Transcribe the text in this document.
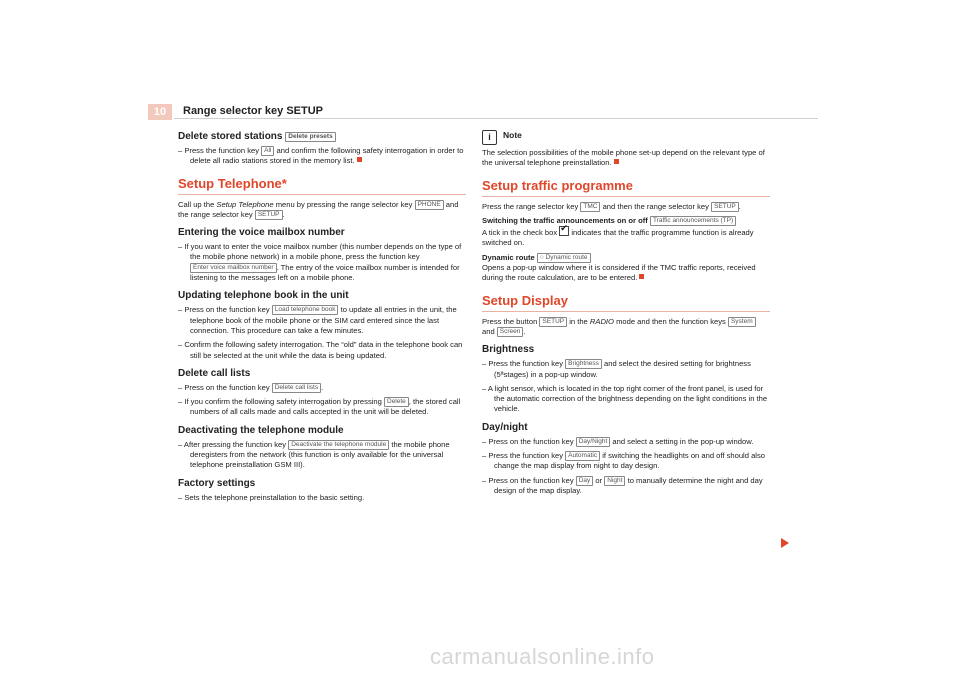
10	Range selector key SETUP
Delete stored stations Delete presets
– Press the function key All and confirm the following safety interrogation in order to delete all radio stations stored in the memory list.
Setup Telephone*
Call up the Setup Telephone menu by pressing the range selector key PHONE and the range selector key SETUP .
Entering the voice mailbox number
– If you want to enter the voice mailbox number (this number depends on the type of the mobile phone network) in a mobile phone, press the function key Enter voice mailbox number . The entry of the voice mailbox number is intended for listening to the messages left on a mobile phone.
Updating telephone book in the unit
– Press on the function key Load telephone book to update all entries in the unit, the telephone book of the mobile phone or the SIM card entered since the last connection. This procedure can take a few minutes.
– Confirm the following safety interrogation. The “old” data in the telephone book can still be selected at the unit while the data is being updated.
Delete call lists
– Press on the function key Delete call lists .
– If you confirm the following safety interrogation by pressing Delete , the stored call numbers of all calls made and calls accepted in the unit will be deleted.
Deactivating the telephone module
– After pressing the function key Deactivate the telephone module the mobile phone deregisters from the network (this function is only available for the universal telephone preinstallation GSM III).
Factory settings
– Sets the telephone preinstallation to the basic setting.
i Note
The selection possibilities of the mobile phone set-up depend on the relevant type of the universal telephone preinstallation.
Setup traffic programme
Press the range selector key TMC and then the range selector key SETUP .
Switching the traffic announcements on or off Traffic announcements (TP)
A tick in the check box ✔ indicates that the traffic programme function is already switched on.
Dynamic route ○ Dynamic route
Opens a pop-up window where it is considered if the TMC traffic reports, received during the route calculation, are to be entered.
Setup Display
Press the button SETUP in the RADIO mode and then the function keys System and Screen .
Brightness
– Press the function key Brightness and select the desired setting for brightness (5ªstages) in a pop-up window.
– A light sensor, which is located in the top right corner of the front panel, is used for the automatic correction of the brightness depending on the light conditions in the vehicle.
Day/night
– Press on the function key Day/Night and select a setting in the pop-up window.
– Press the function key Automatic if switching the headlights on and off should also change the map display from night to day design.
– Press on the function key Day or Night to manually determine the night and day design of the map display.
carmanualsonline.info
